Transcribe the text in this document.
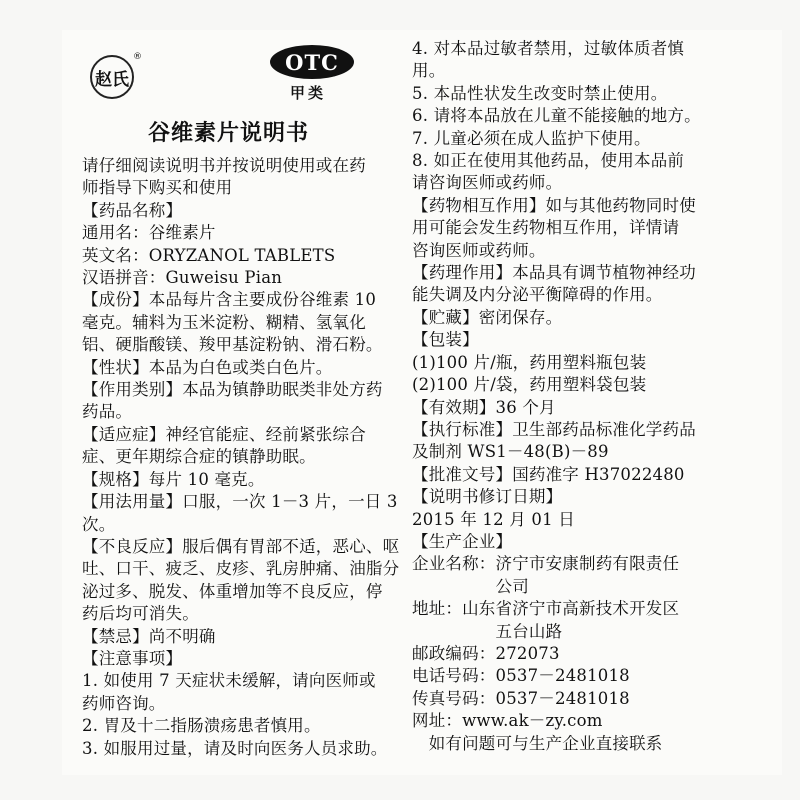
赵氏
®	OTC
甲类
谷维素片说明书
请仔细阅读说明书并按说明使用或在药
师指导下购买和使用
【药品名称】
通用名：谷维素片
英文名：ORYZANOL TABLETS
汉语拼音：Guweisu Pian
【成份】本品每片含主要成份谷维素 10
毫克。辅料为玉米淀粉、糊精、氢氧化
铝、硬脂酸镁、羧甲基淀粉钠、滑石粉。
【性状】本品为白色或类白色片。
【作用类别】本品为镇静助眠类非处方药
药品。
【适应症】神经官能症、经前紧张综合
症、更年期综合症的镇静助眠。
【规格】每片 10 毫克。
【用法用量】口服，一次 1－3 片，一日 3
次。
【不良反应】服后偶有胃部不适，恶心、呕
吐、口干、疲乏、皮疹、乳房肿痛、油脂分
泌过多、脱发、体重增加等不良反应，停
药后均可消失。
【禁忌】尚不明确
【注意事项】
1. 如使用 7 天症状未缓解，请向医师或
药师咨询。
2. 胃及十二指肠溃疡患者慎用。
3. 如服用过量，请及时向医务人员求助。
4. 对本品过敏者禁用，过敏体质者慎
用。
5. 本品性状发生改变时禁止使用。
6. 请将本品放在儿童不能接触的地方。
7. 儿童必须在成人监护下使用。
8. 如正在使用其他药品，使用本品前
请咨询医师或药师。
【药物相互作用】如与其他药物同时使
用可能会发生药物相互作用，详情请
咨询医师或药师。
【药理作用】本品具有调节植物神经功
能失调及内分泌平衡障碍的作用。
【贮藏】密闭保存。
【包装】
(1)100 片/瓶，药用塑料瓶包装
(2)100 片/袋，药用塑料袋包装
【有效期】36 个月
【执行标准】卫生部药品标准化学药品
及制剂 WS1－48(B)－89
【批准文号】国药准字 H37022480
【说明书修订日期】
2015 年 12 月 01 日
【生产企业】
企业名称：济宁市安康制药有限责任
　　　　　公司
地址：山东省济宁市高新技术开发区
　　　　　五台山路
邮政编码：272073
电话号码：0537－2481018
传真号码：0537－2481018
网址：www.ak－zy.com
　如有问题可与生产企业直接联系
